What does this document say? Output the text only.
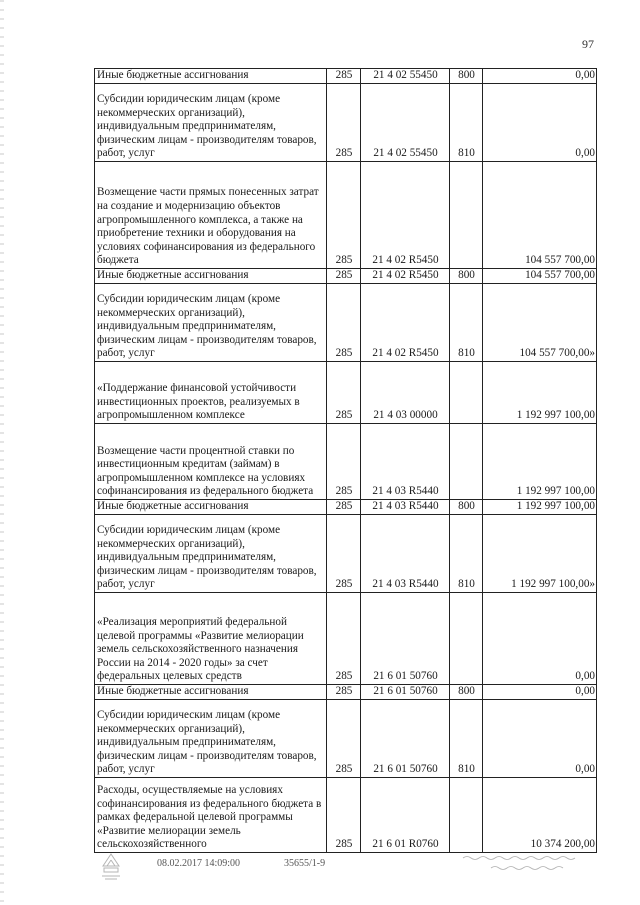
97
Иные бюджетные ассигнования	285	21 4 02 55450	800	0,00
Субсидии юридическим лицам (кроме некоммерческих организаций), индивидуальным предпринимателям, физическим лицам - производителям товаров, работ, услуг	285	21 4 02 55450	810	0,00
Возмещение части прямых понесенных затрат на создание и модернизацию объектов агропромышленного комплекса, а также на приобретение техники и оборудования на условиях софинансирования из федерального бюджета	285	21 4 02 R5450		104 557 700,00
Иные бюджетные ассигнования	285	21 4 02 R5450	800	104 557 700,00
Субсидии юридическим лицам (кроме некоммерческих организаций), индивидуальным предпринимателям, физическим лицам - производителям товаров, работ, услуг	285	21 4 02 R5450	810	104 557 700,00»
«Поддержание финансовой устойчивости инвестиционных проектов, реализуемых в агропромышленном комплексе	285	21 4 03 00000		1 192 997 100,00
Возмещение части процентной ставки по инвестиционным кредитам (займам) в агропромышленном комплексе на условиях софинансирования из федерального бюджета	285	21 4 03 R5440		1 192 997 100,00
Иные бюджетные ассигнования	285	21 4 03 R5440	800	1 192 997 100,00
Субсидии юридическим лицам (кроме некоммерческих организаций), индивидуальным предпринимателям, физическим лицам - производителям товаров, работ, услуг	285	21 4 03 R5440	810	1 192 997 100,00»
«Реализация мероприятий федеральной целевой программы «Развитие мелиорации земель сельскохозяйственного назначения России на 2014 - 2020 годы» за счет федеральных целевых средств	285	21 6 01 50760		0,00
Иные бюджетные ассигнования	285	21 6 01 50760	800	0,00
Субсидии юридическим лицам (кроме некоммерческих организаций), индивидуальным предпринимателям, физическим лицам - производителям товаров, работ, услуг	285	21 6 01 50760	810	0,00
Расходы, осуществляемые на условиях софинансирования из федерального бюджета в рамках федеральной целевой программы «Развитие мелиорации земель сельскохозяйственного	285	21 6 01 R0760		10 374 200,00
08.02.2017 14:09:00	35655/1-9
